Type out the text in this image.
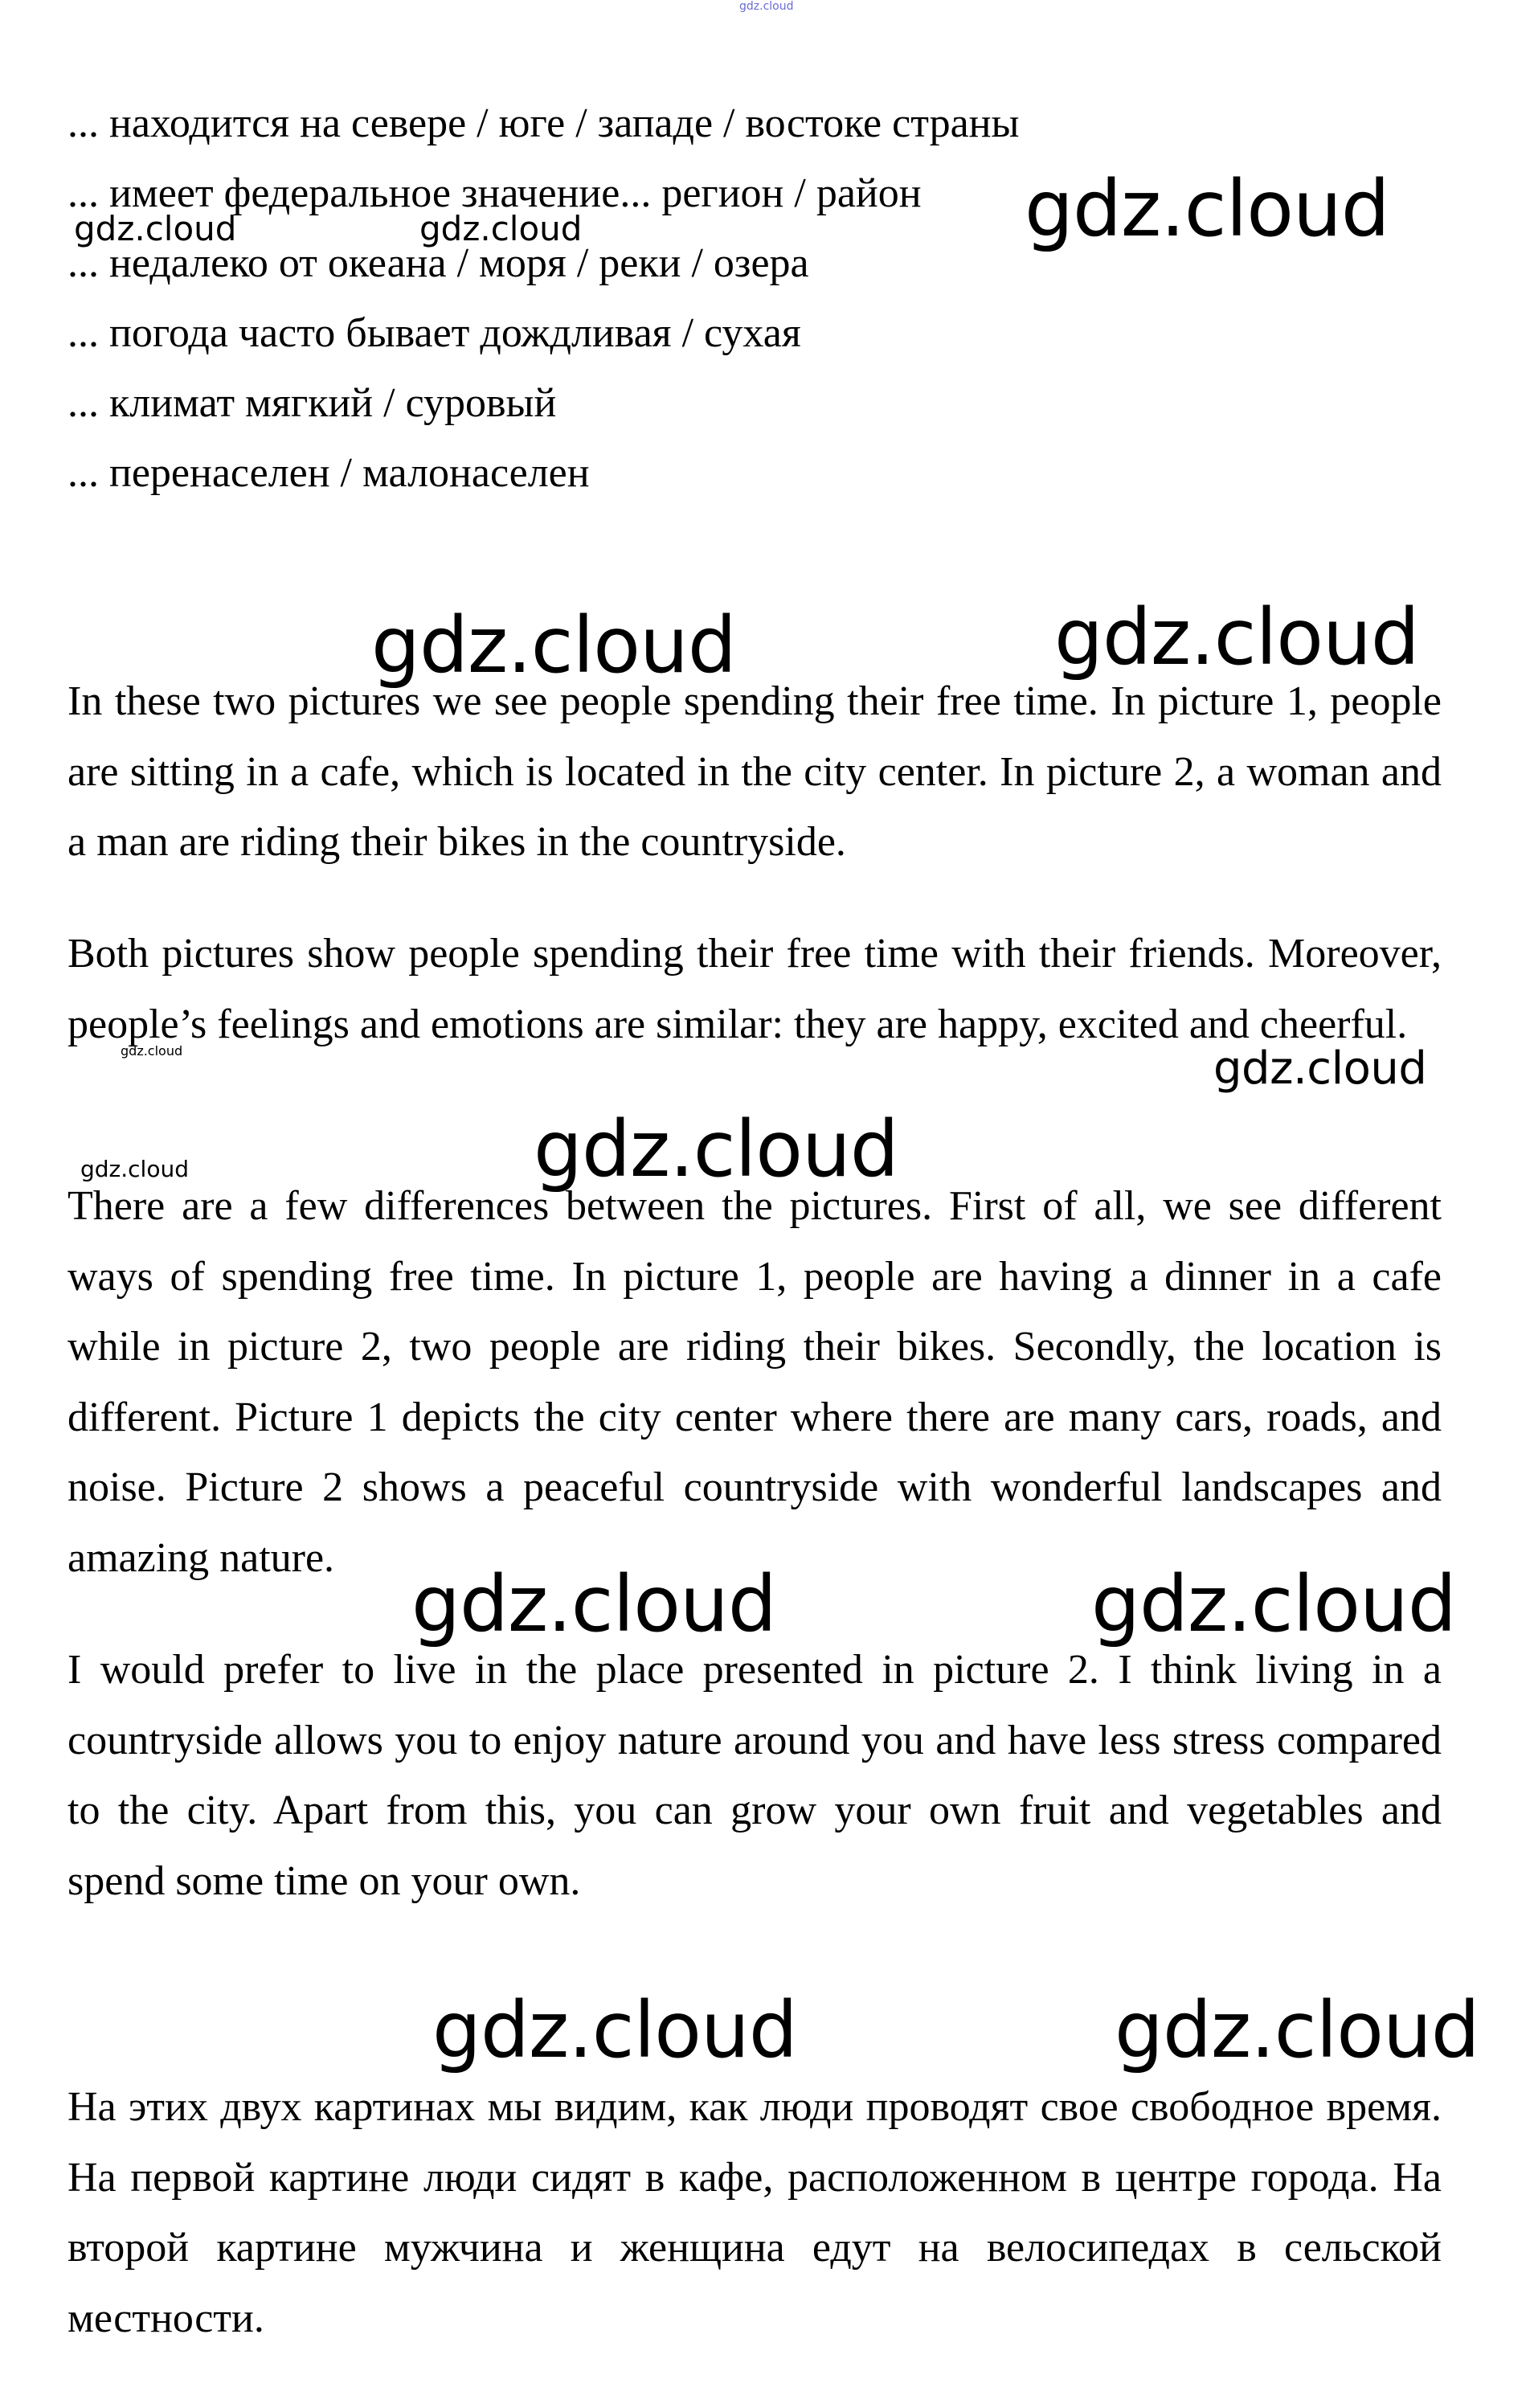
gdz.cloud
... находится на севере / юге / западе / востоке страны
... имеет федеральное значение... регион / район
... недалеко от океана / моря / реки / озера
... погода часто бывает дождливая / сухая
... климат мягкий / суровый
... перенаселен / малонаселен

In these two pictures we see people spending their free time. In picture 1, people are sitting in a cafe, which is located in the city center. In picture 2, a woman and a man are riding their bikes in the countryside.

Both pictures show people spending their free time with their friends. Moreover, people’s feelings and emotions are similar: they are happy, excited and cheerful.

There are a few differences between the pictures. First of all, we see different ways of spending free time. In picture 1, people are having a dinner in a cafe while in picture 2, two people are riding their bikes. Secondly, the location is different. Picture 1 depicts the city center where there are many cars, roads, and noise. Picture 2 shows a peaceful countryside with wonderful landscapes and amazing nature.

I would prefer to live in the place presented in picture 2. I think living in a countryside allows you to enjoy nature around you and have less stress compared to the city. Apart from this, you can grow your own fruit and vegetables and spend some time on your own.

На этих двух картинах мы видим, как люди проводят свое свободное время. На первой картине люди сидят в кафе, расположенном в центре города. На второй картине мужчина и женщина едут на велосипедах в сельской местности.

gdz.cloud
gdz.cloud	gdz.cloud
gdz.cloud	gdz.cloud
gdz.cloud	gdz.cloud
gdz.cloud
gdz.cloud
gdz.cloud	gdz.cloud
gdz.cloud	gdz.cloud
